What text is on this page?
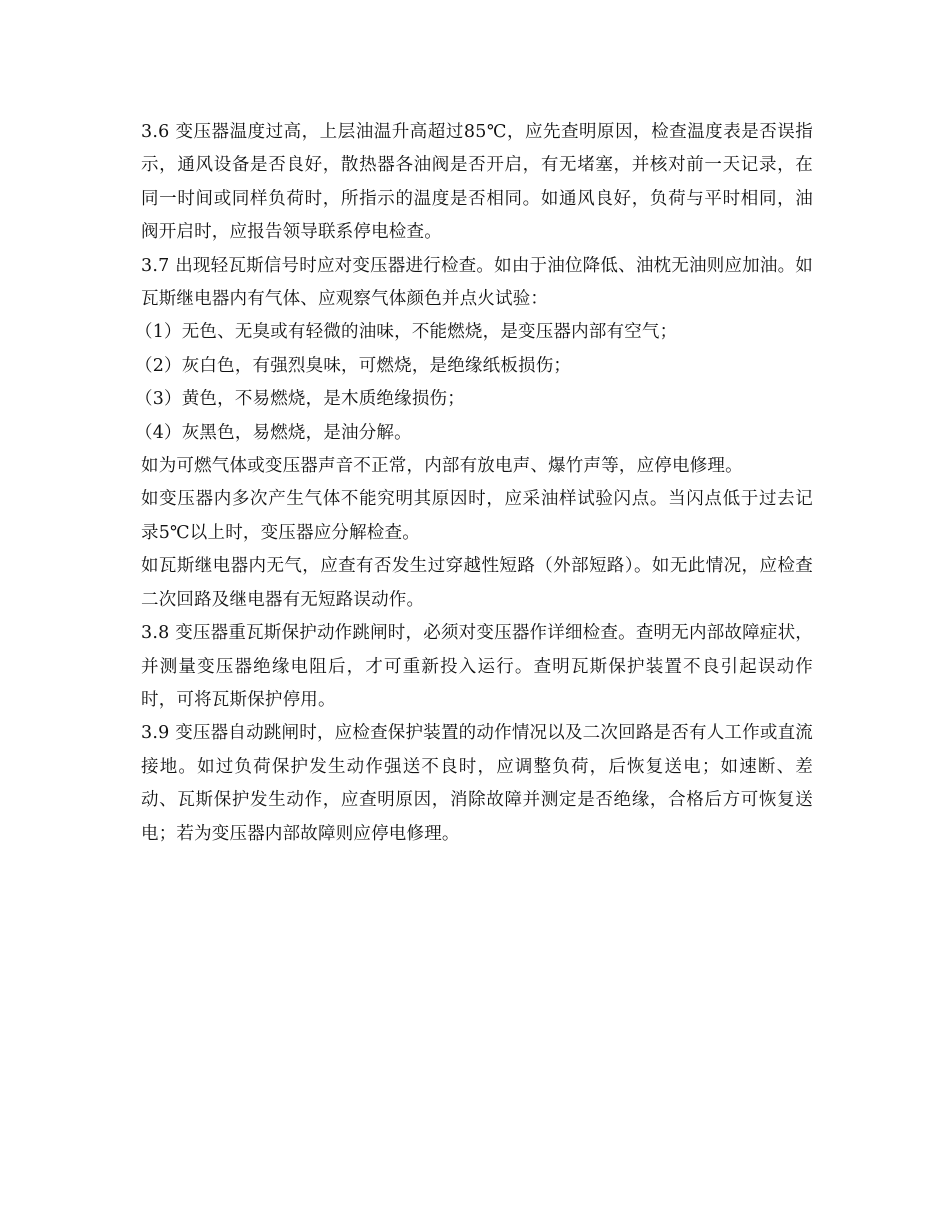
3.6 变压器温度过高，上层油温升高超过85℃，应先查明原因，检查温度表是否误指示，通风设备是否良好，散热器各油阀是否开启，有无堵塞，并核对前一天记录，在同一时间或同样负荷时，所指示的温度是否相同。如通风良好，负荷与平时相同，油阀开启时，应报告领导联系停电检查。

3.7 出现轻瓦斯信号时应对变压器进行检查。如由于油位降低、油枕无油则应加油。如瓦斯继电器内有气体、应观察气体颜色并点火试验：

（1）无色、无臭或有轻微的油味，不能燃烧，是变压器内部有空气；

（2）灰白色，有强烈臭味，可燃烧，是绝缘纸板损伤；

（3）黄色，不易燃烧，是木质绝缘损伤；

（4）灰黑色，易燃烧，是油分解。

如为可燃气体或变压器声音不正常，内部有放电声、爆竹声等，应停电修理。

如变压器内多次产生气体不能究明其原因时，应采油样试验闪点。当闪点低于过去记录5℃以上时，变压器应分解检查。

如瓦斯继电器内无气，应查有否发生过穿越性短路（外部短路）。如无此情况，应检查二次回路及继电器有无短路误动作。

3.8 变压器重瓦斯保护动作跳闸时，必须对变压器作详细检查。查明无内部故障症状，并测量变压器绝缘电阻后，才可重新投入运行。查明瓦斯保护装置不良引起误动作时，可将瓦斯保护停用。

3.9 变压器自动跳闸时，应检查保护装置的动作情况以及二次回路是否有人工作或直流接地。如过负荷保护发生动作强送不良时，应调整负荷，后恢复送电；如速断、差动、瓦斯保护发生动作，应查明原因，消除故障并测定是否绝缘，合格后方可恢复送电；若为变压器内部故障则应停电修理。
